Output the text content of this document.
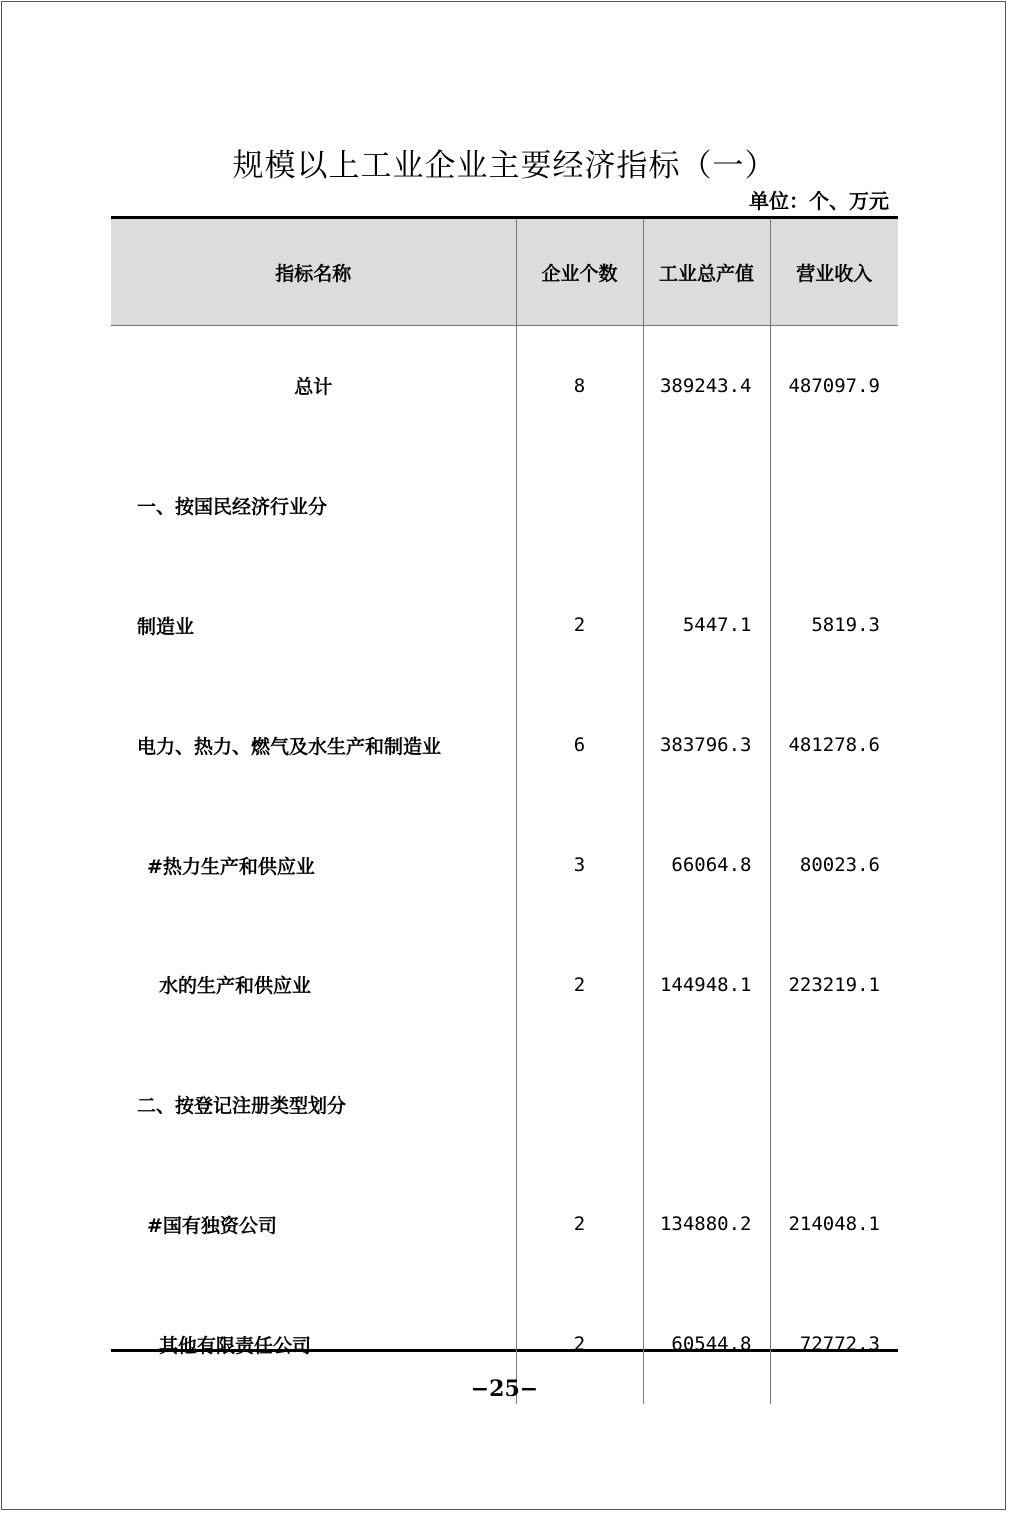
规模以上工业企业主要经济指标（一）
单位：个、万元
指标名称	企业个数	工业总产值	营业收入
总计	8	389243.4	487097.9
一、按国民经济行业分			
制造业	2	5447.1	5819.3
电力、热力、燃气及水生产和制造业	6	383796.3	481278.6
#热力生产和供应业	3	66064.8	80023.6
水的生产和供应业	2	144948.1	223219.1
二、按登记注册类型划分			
#国有独资公司	2	134880.2	214048.1
其他有限责任公司	2	60544.8	72772.3
−25−
